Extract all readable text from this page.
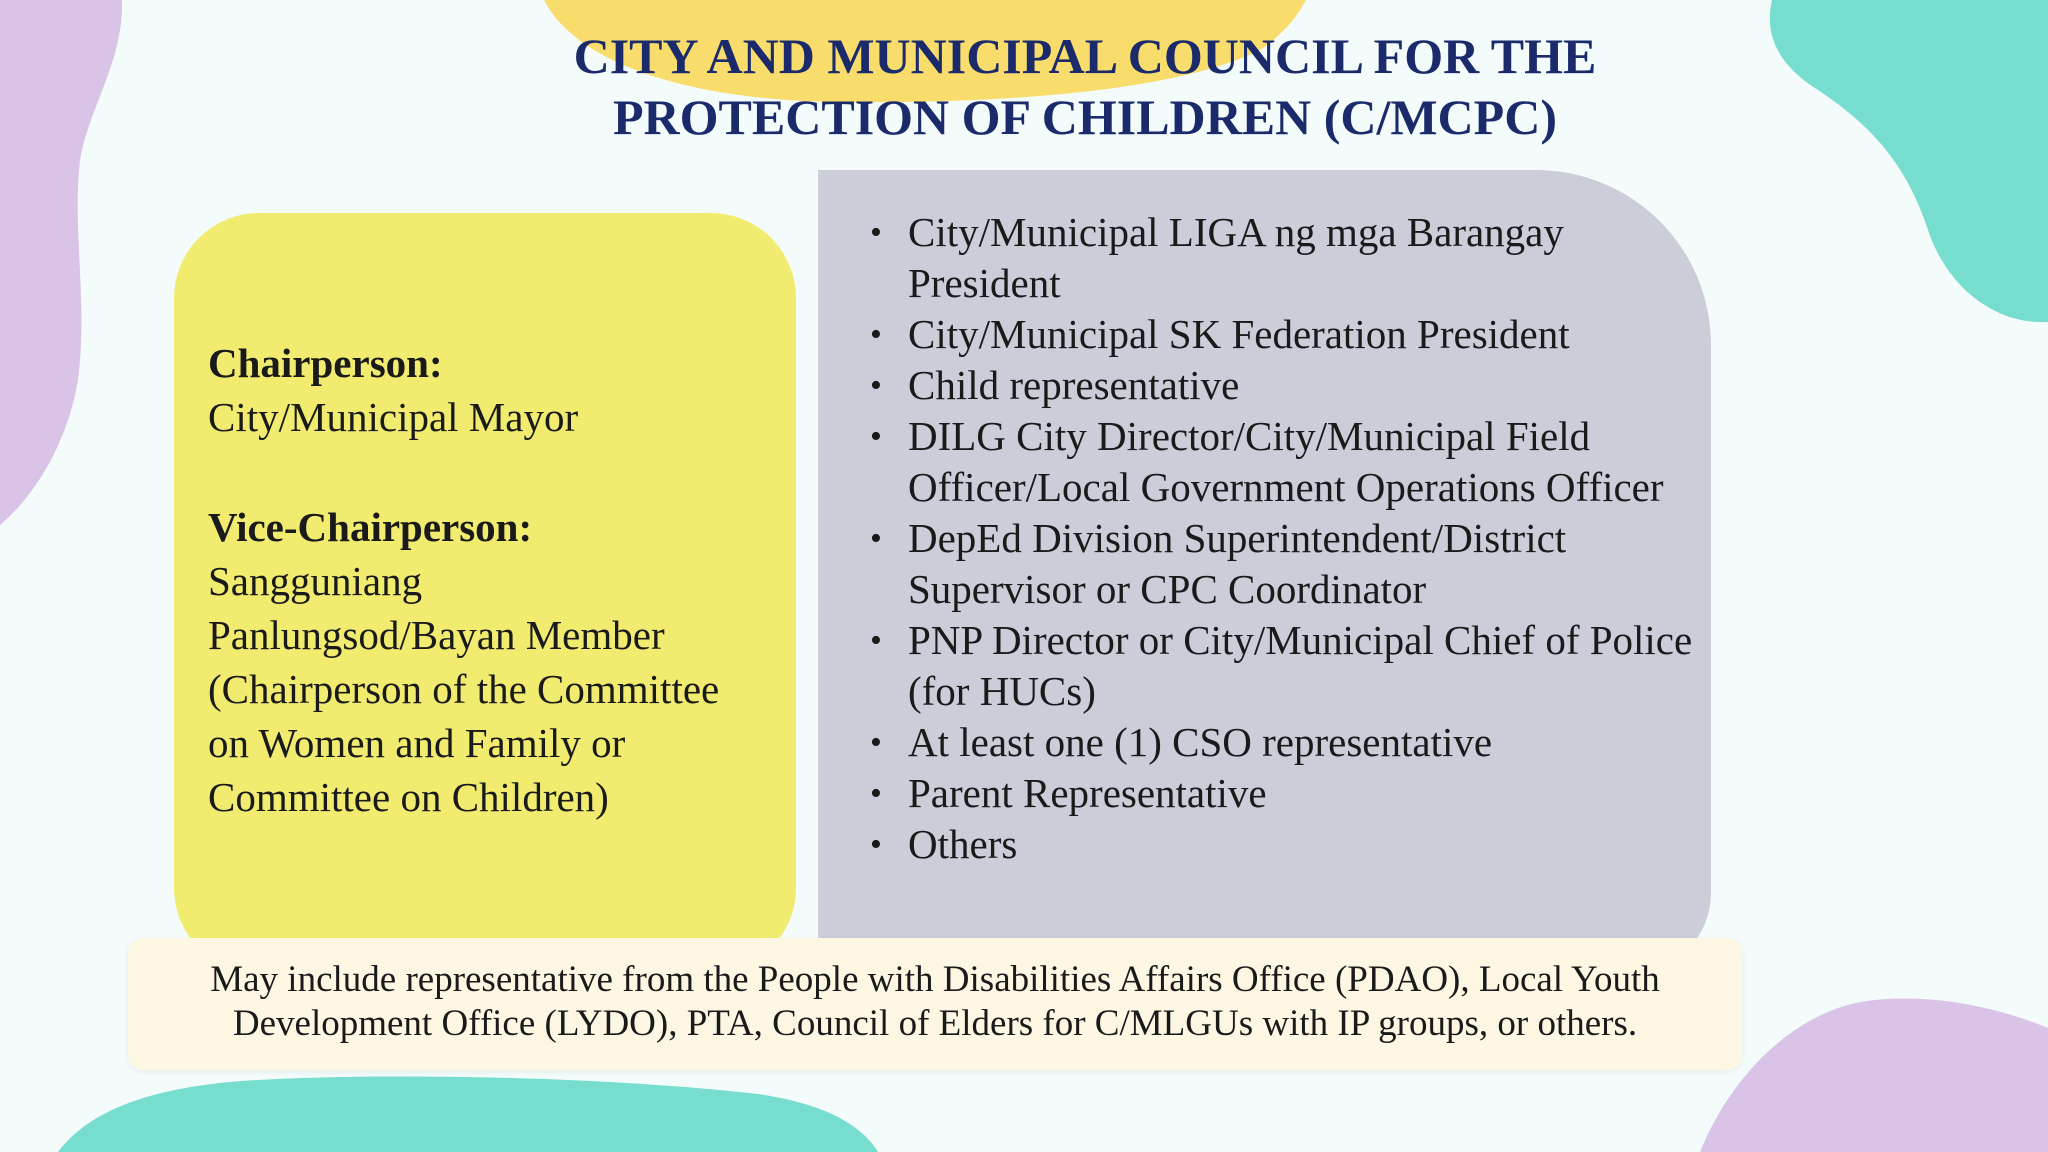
CITY AND MUNICIPAL COUNCIL FOR THE
PROTECTION OF CHILDREN (C/MCPC)
Chairperson:
City/Municipal Mayor
Vice-Chairperson:
Sangguniang
Panlungsod/Bayan Member
(Chairperson of the Committee
on Women and Family or
Committee on Children)
• City/Municipal LIGA ng mga Barangay President
• City/Municipal SK Federation President
• Child representative
• DILG City Director/City/Municipal Field Officer/Local Government Operations Officer
• DepEd Division Superintendent/District Supervisor or CPC Coordinator
• PNP Director or City/Municipal Chief of Police (for HUCs)
• At least one (1) CSO representative
• Parent Representative
• Others
May include representative from the People with Disabilities Affairs Office (PDAO), Local Youth
Development Office (LYDO), PTA, Council of Elders for C/MLGUs with IP groups, or others.
